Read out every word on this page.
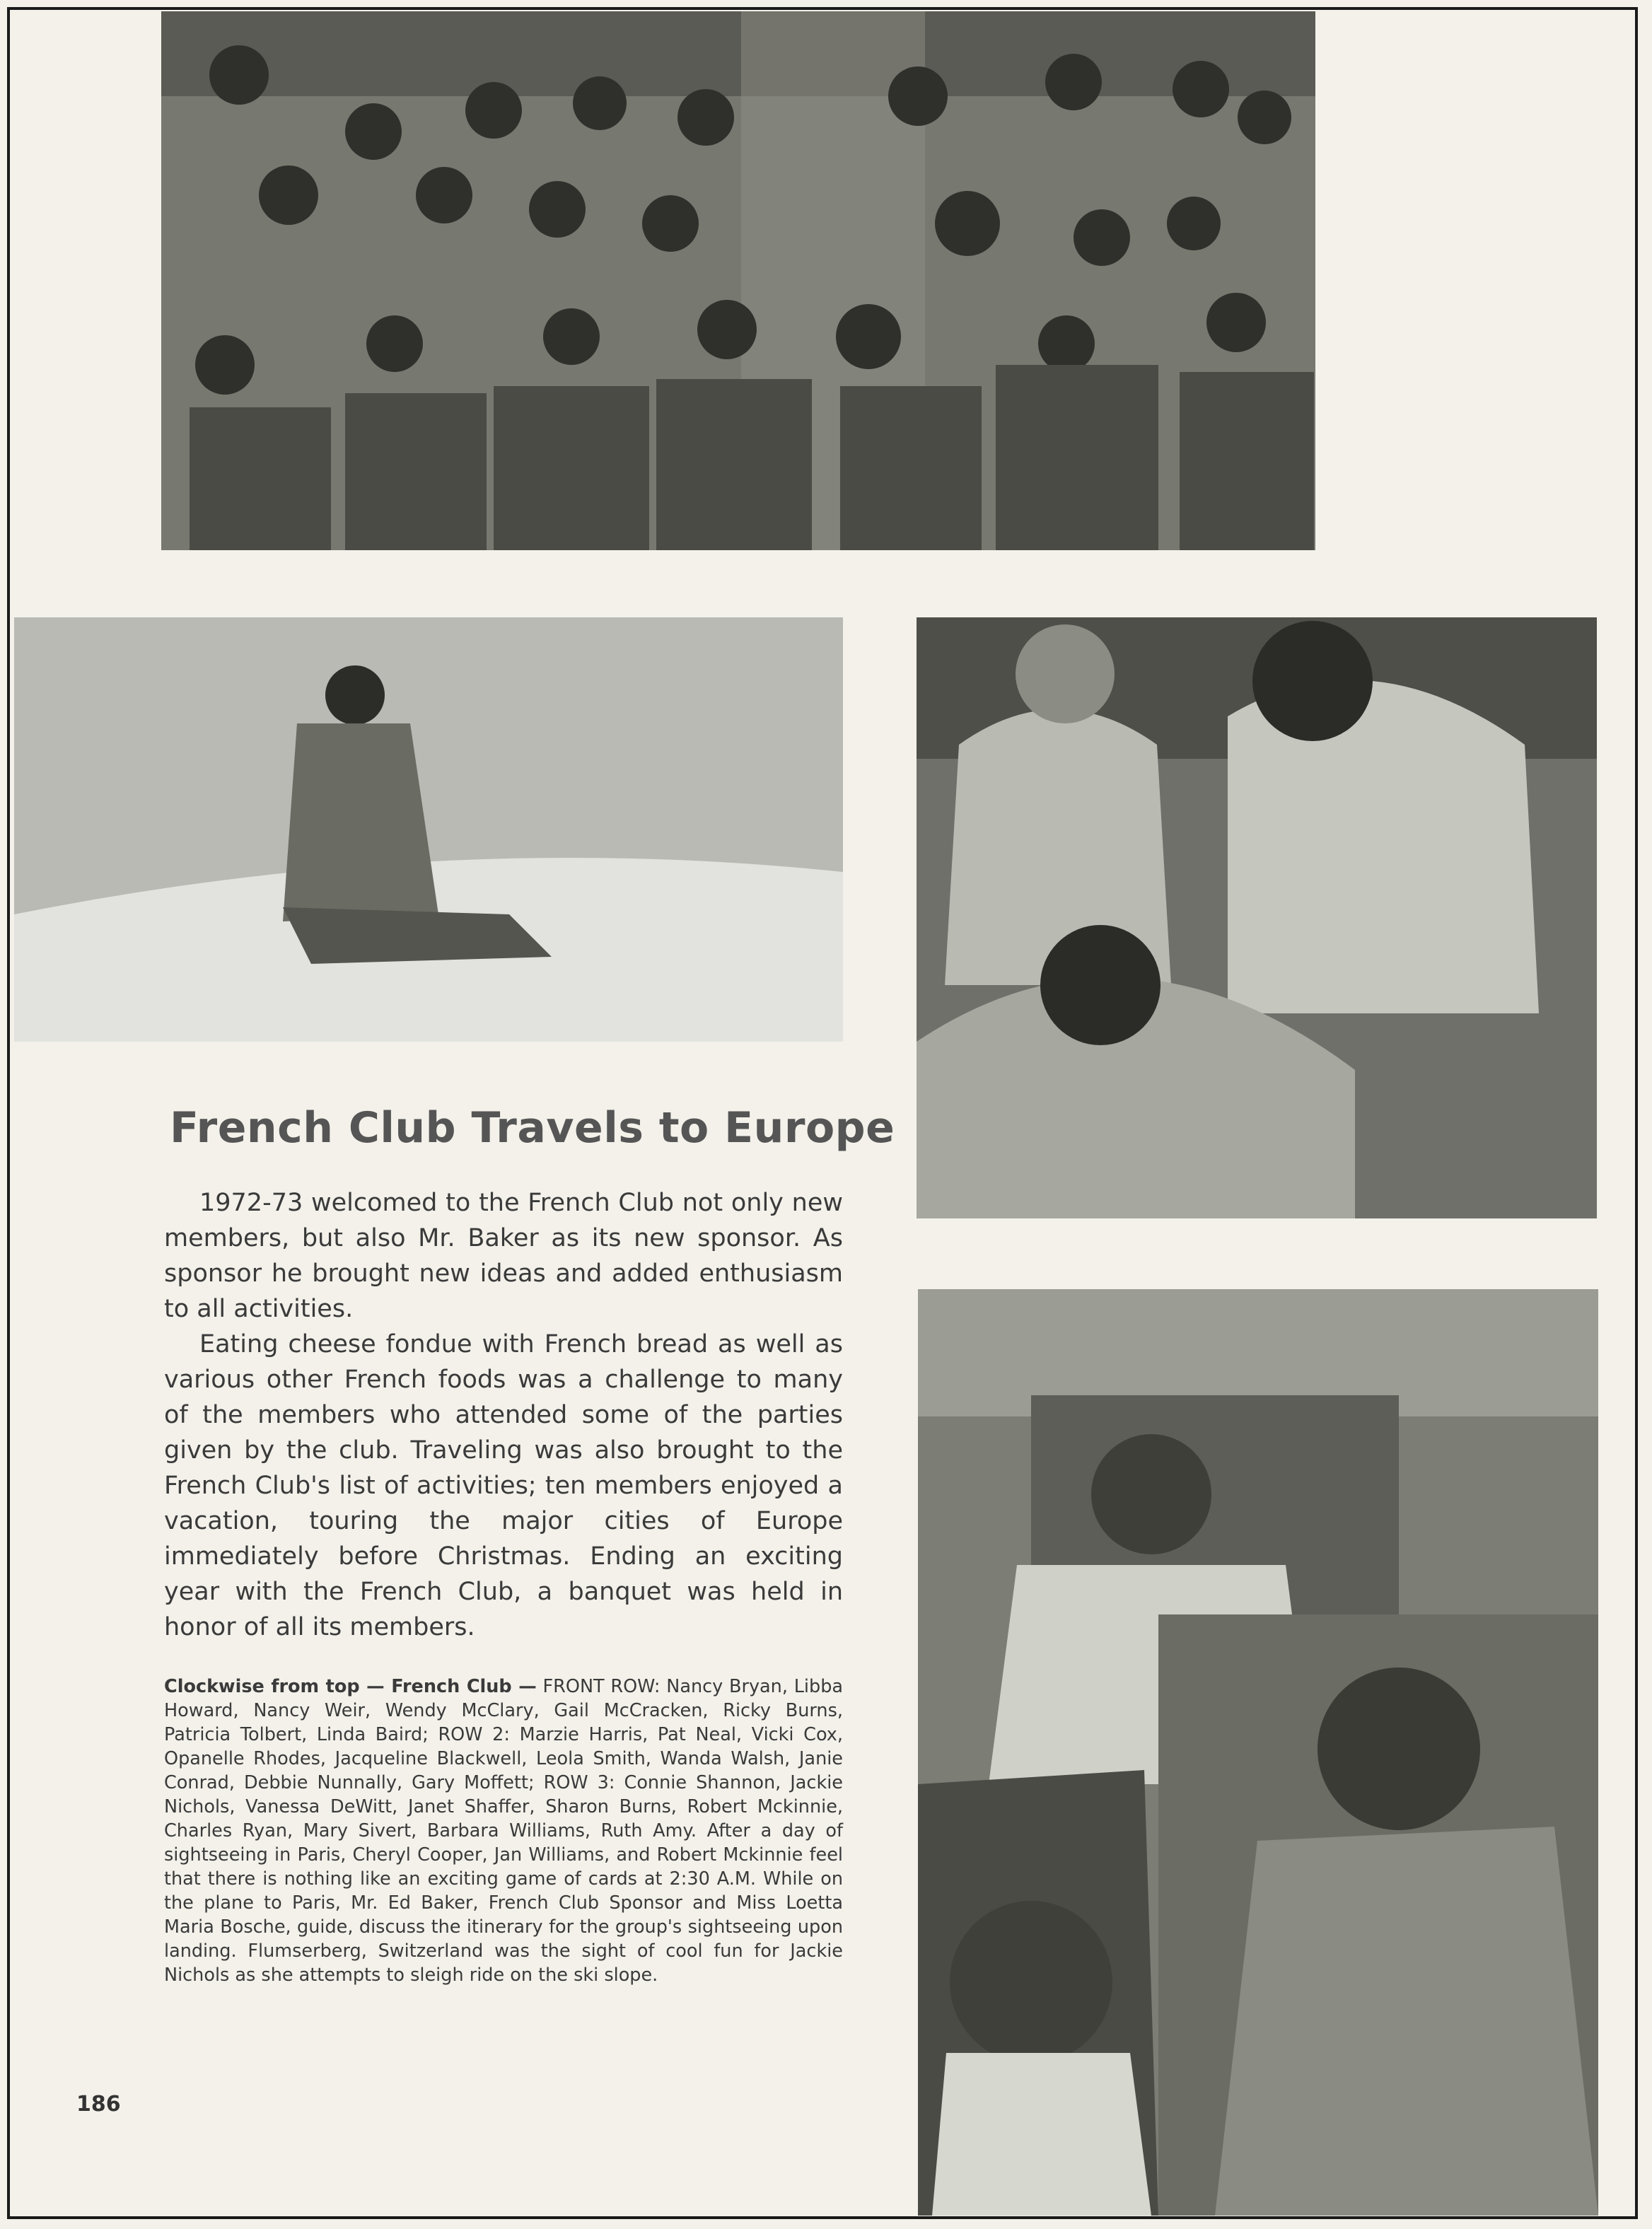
French Club Travels to Europe

1972-73 welcomed to the French Club not only new members, but also Mr. Baker as its new sponsor. As sponsor he brought new ideas and added enthusiasm to all activities.

Eating cheese fondue with French bread as well as various other French foods was a challenge to many of the members who attended some of the parties given by the club. Traveling was also brought to the French Club's list of activities; ten members enjoyed a vacation, touring the major cities of Europe immediately before Christmas. Ending an exciting year with the French Club, a banquet was held in honor of all its members.

Clockwise from top — French Club — FRONT ROW: Nancy Bryan, Libba Howard, Nancy Weir, Wendy McClary, Gail McCracken, Ricky Burns, Patricia Tolbert, Linda Baird; ROW 2: Marzie Harris, Pat Neal, Vicki Cox, Opanelle Rhodes, Jacqueline Blackwell, Leola Smith, Wanda Walsh, Janie Conrad, Debbie Nunnally, Gary Moffett; ROW 3: Connie Shannon, Jackie Nichols, Vanessa DeWitt, Janet Shaffer, Sharon Burns, Robert Mckinnie, Charles Ryan, Mary Sivert, Barbara Williams, Ruth Amy. After a day of sightseeing in Paris, Cheryl Cooper, Jan Williams, and Robert Mckinnie feel that there is nothing like an exciting game of cards at 2:30 A.M. While on the plane to Paris, Mr. Ed Baker, French Club Sponsor and Miss Loetta Maria Bosche, guide, discuss the itinerary for the group's sightseeing upon landing. Flumserberg, Switzerland was the sight of cool fun for Jackie Nichols as she attempts to sleigh ride on the ski slope.
186
